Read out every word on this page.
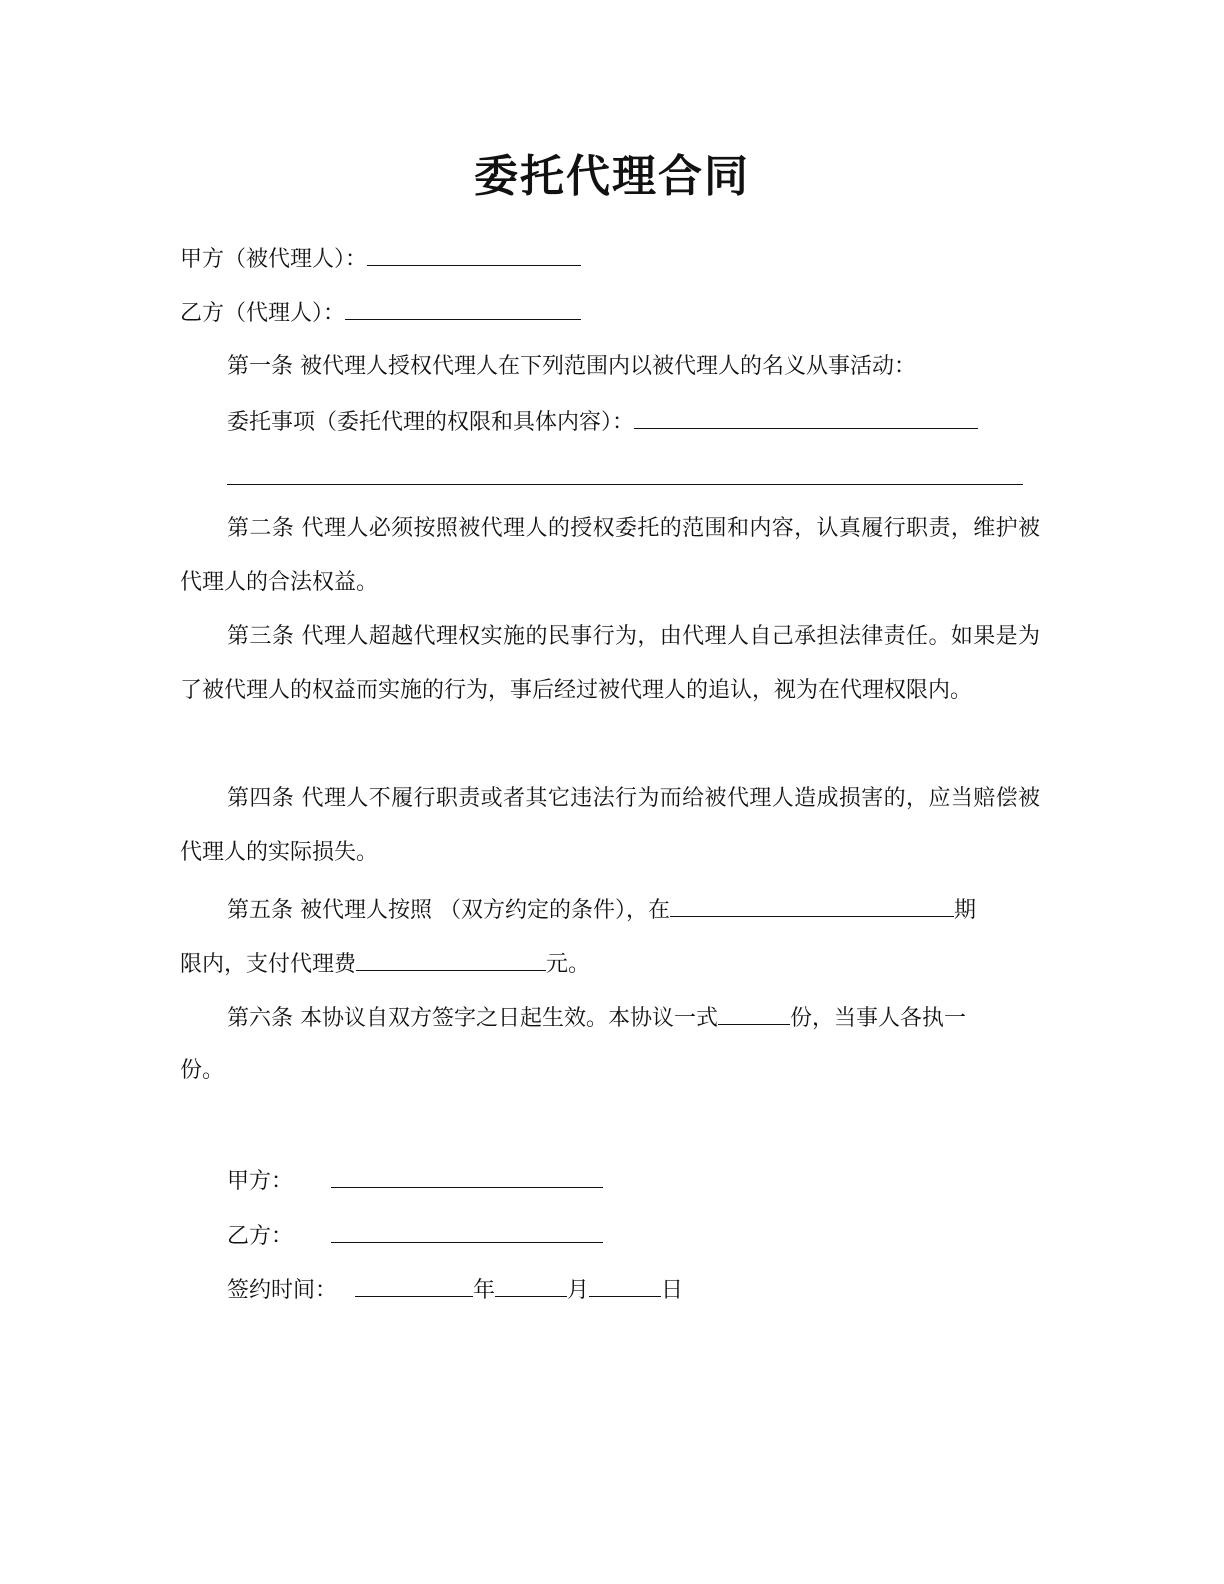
委托代理合同
甲方（被代理人）：
乙方（代理人）：
第一条 被代理人授权代理人在下列范围内以被代理人的名义从事活动：
委托事项（委托代理的权限和具体内容）：
第二条 代理人必须按照被代理人的授权委托的范围和内容，认真履行职责，维护被代理人的合法权益。
第三条 代理人超越代理权实施的民事行为，由代理人自己承担法律责任。如果是为了被代理人的权益而实施的行为，事后经过被代理人的追认，视为在代理权限内。
第四条 代理人不履行职责或者其它违法行为而给被代理人造成损害的，应当赔偿被代理人的实际损失。
第五条 被代理人按照 （双方约定的条件），在	期
限内，支付代理费	元。
第六条 本协议自双方签字之日起生效。本协议一式	份，当事人各执一
份。
甲方：
乙方：
签约时间：	年	月	日
